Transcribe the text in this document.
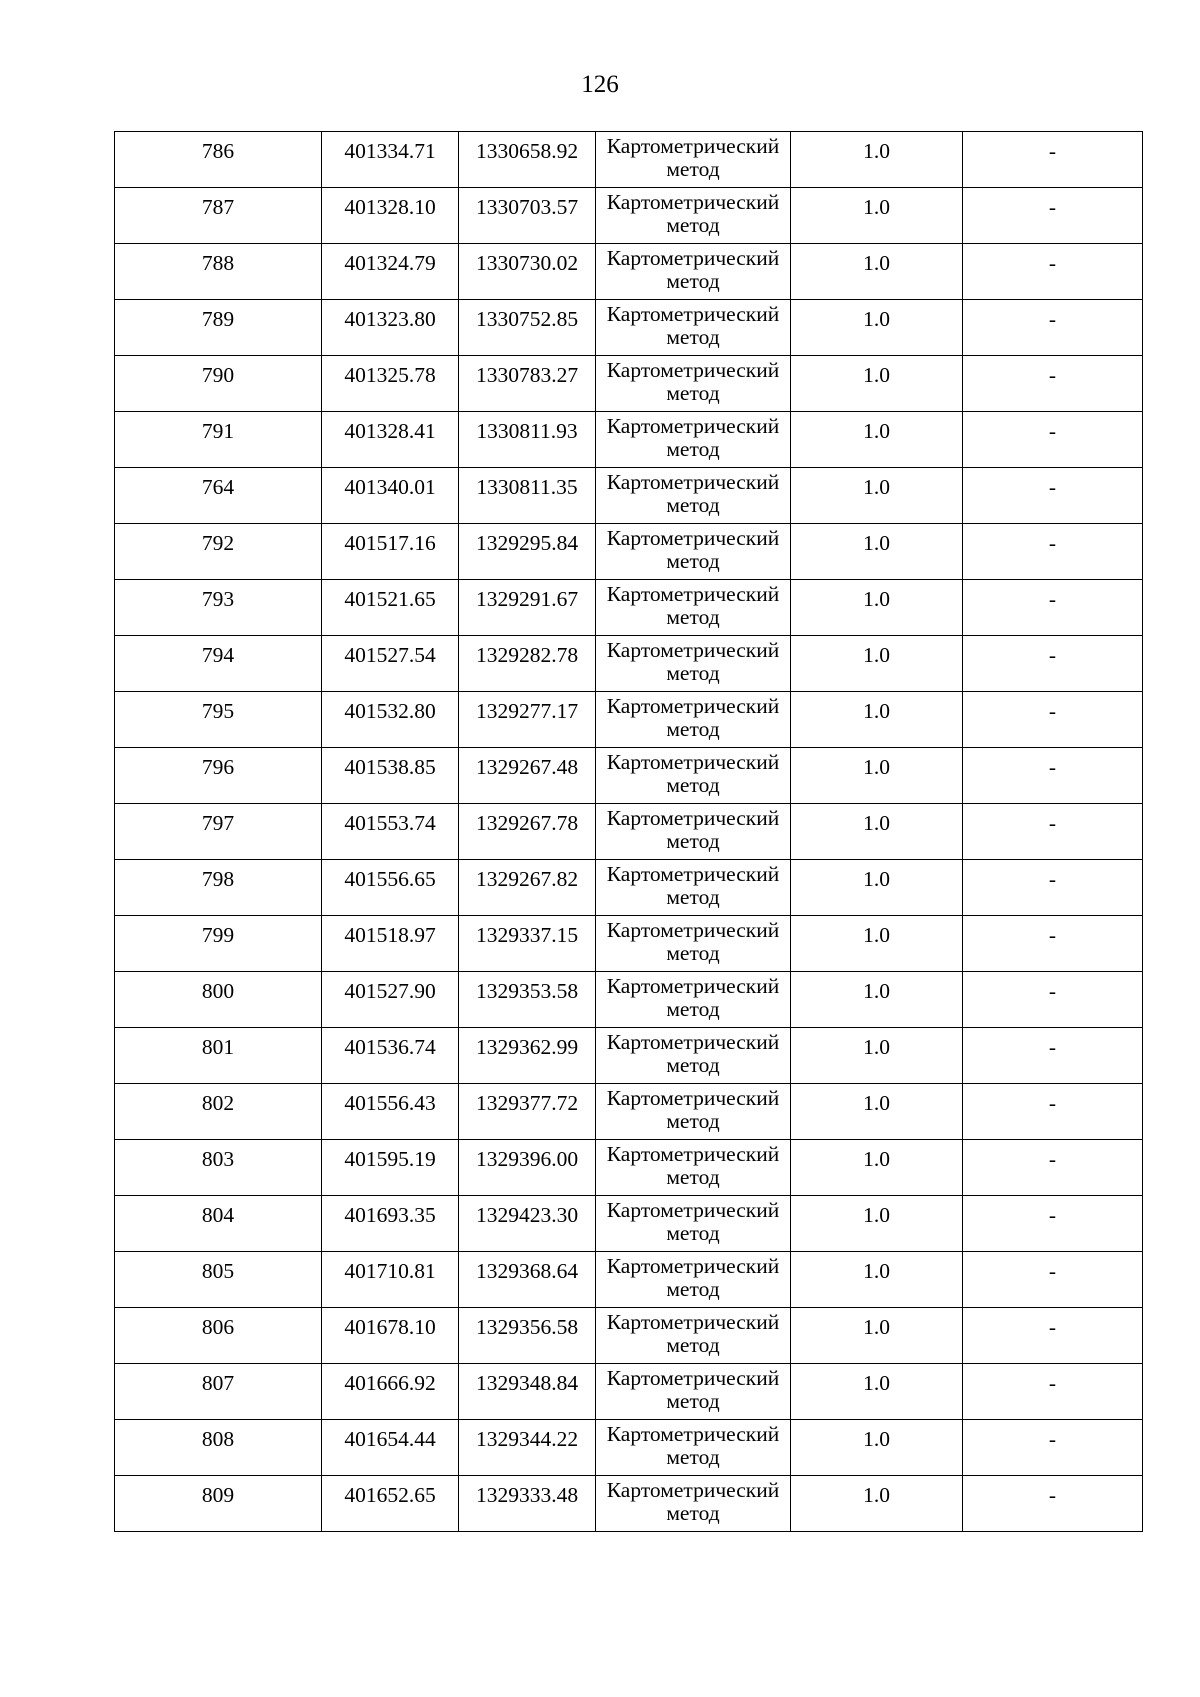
126
786	401334.71	1330658.92	Картометрический метод	1.0	-

787	401328.10	1330703.57	Картометрический метод	1.0	-

788	401324.79	1330730.02	Картометрический метод	1.0	-

789	401323.80	1330752.85	Картометрический метод	1.0	-

790	401325.78	1330783.27	Картометрический метод	1.0	-

791	401328.41	1330811.93	Картометрический метод	1.0	-

764	401340.01	1330811.35	Картометрический метод	1.0	-

792	401517.16	1329295.84	Картометрический метод	1.0	-

793	401521.65	1329291.67	Картометрический метод	1.0	-

794	401527.54	1329282.78	Картометрический метод	1.0	-

795	401532.80	1329277.17	Картометрический метод	1.0	-

796	401538.85	1329267.48	Картометрический метод	1.0	-

797	401553.74	1329267.78	Картометрический метод	1.0	-

798	401556.65	1329267.82	Картометрический метод	1.0	-

799	401518.97	1329337.15	Картометрический метод	1.0	-

800	401527.90	1329353.58	Картометрический метод	1.0	-

801	401536.74	1329362.99	Картометрический метод	1.0	-

802	401556.43	1329377.72	Картометрический метод	1.0	-

803	401595.19	1329396.00	Картометрический метод	1.0	-

804	401693.35	1329423.30	Картометрический метод	1.0	-

805	401710.81	1329368.64	Картометрический метод	1.0	-

806	401678.10	1329356.58	Картометрический метод	1.0	-

807	401666.92	1329348.84	Картометрический метод	1.0	-

808	401654.44	1329344.22	Картометрический метод	1.0	-

809	401652.65	1329333.48	Картометрический метод	1.0	-
